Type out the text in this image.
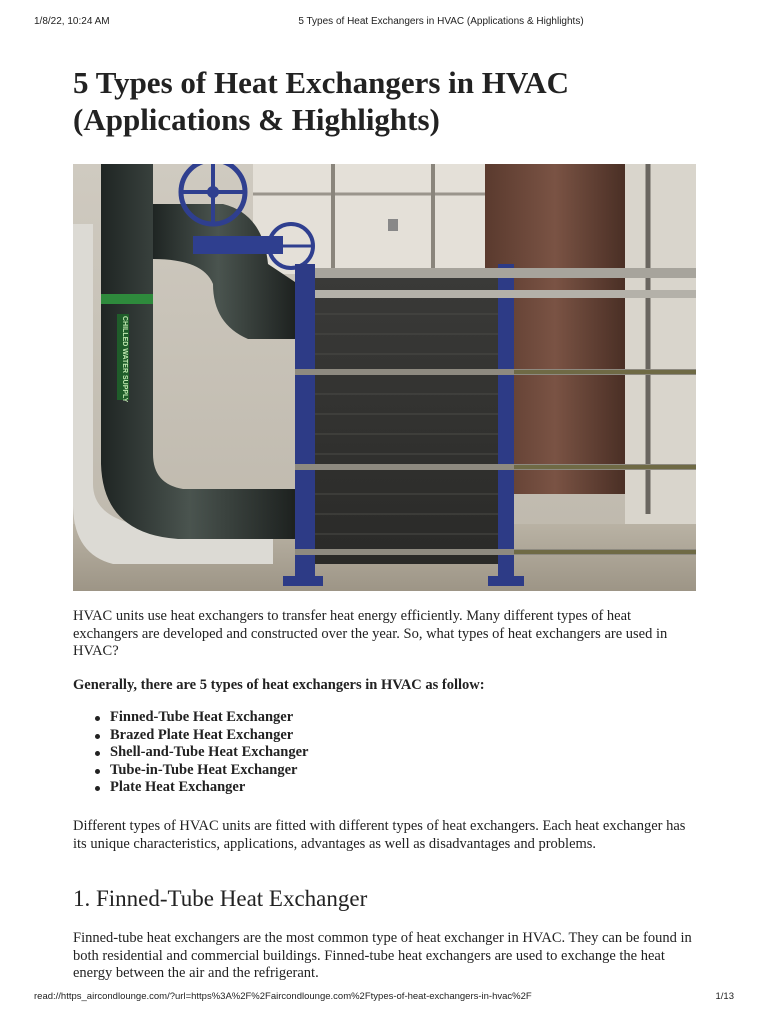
1/8/22, 10:24 AM	5 Types of Heat Exchangers in HVAC (Applications & Highlights)
5 Types of Heat Exchangers in HVAC
(Applications & Highlights)
CHILLED WATER SUPPLY

HVAC units use heat exchangers to transfer heat energy efficiently. Many different types of heat exchangers are developed and constructed over the year. So, what types of heat exchangers are used in HVAC?

Generally, there are 5 types of heat exchangers in HVAC as follow:

Finned-Tube Heat Exchanger
Brazed Plate Heat Exchanger
Shell-and-Tube Heat Exchanger
Tube-in-Tube Heat Exchanger
Plate Heat Exchanger

Different types of HVAC units are fitted with different types of heat exchangers. Each heat exchanger has its unique characteristics, applications, advantages as well as disadvantages and problems.

1. Finned-Tube Heat Exchanger

Finned-tube heat exchangers are the most common type of heat exchanger in HVAC. They can be found in both residential and commercial buildings. Finned-tube heat exchangers are used to exchange the heat energy between the air and the refrigerant.

read://https_aircondlounge.com/?url=https%3A%2F%2Faircondlounge.com%2Ftypes-of-heat-exchangers-in-hvac%2F	1/13
